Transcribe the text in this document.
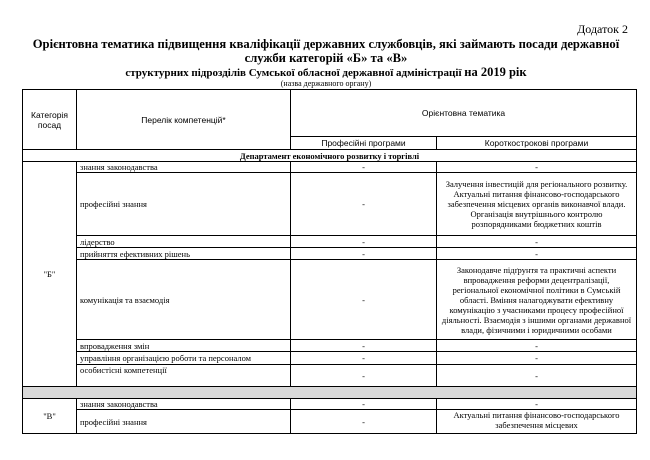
Додаток 2
Орієнтовна тематика підвищення кваліфікації державних службовців, які займають посади державної служби категорій «Б» та «В»
структурних підрозділів Сумської обласної державної адміністрації на 2019 рік
(назва державного органу)
Категорія посад	Перелік компетенцій*	Орієнтовна тематика	
		Професійні програми	Короткострокові програми
Департамент економічного розвитку і торгівлі			
"Б"	знання законодавства	-	-
	професійні знання	-	Залучення інвестицій для регіонального розвитку. Актуальні питання фінансово-господарського забезпечення місцевих органів виконавчої влади. Організація внутрішнього контролю розпорядниками бюджетних коштів
	лідерство	-	-
	прийняття ефективних рішень	-	-
	комунікація та взаємодія	-	Законодавче підґрунтя та практичні аспекти впровадження реформи децентралізації, регіональної економічної політики в Сумській області. Вміння налагоджувати ефективну комунікацію з учасниками процесу професійної діяльності. Взаємодія з іншими органами державної влади, фізичними і юридичними особами
	впровадження змін	-	-
	управління організацією роботи та персоналом	-	-
	особистісні компетенції	-	-

"В"	знання законодавства	-	-
	професійні знання	-	Актуальні питання фінансово-господарського забезпечення місцевих
